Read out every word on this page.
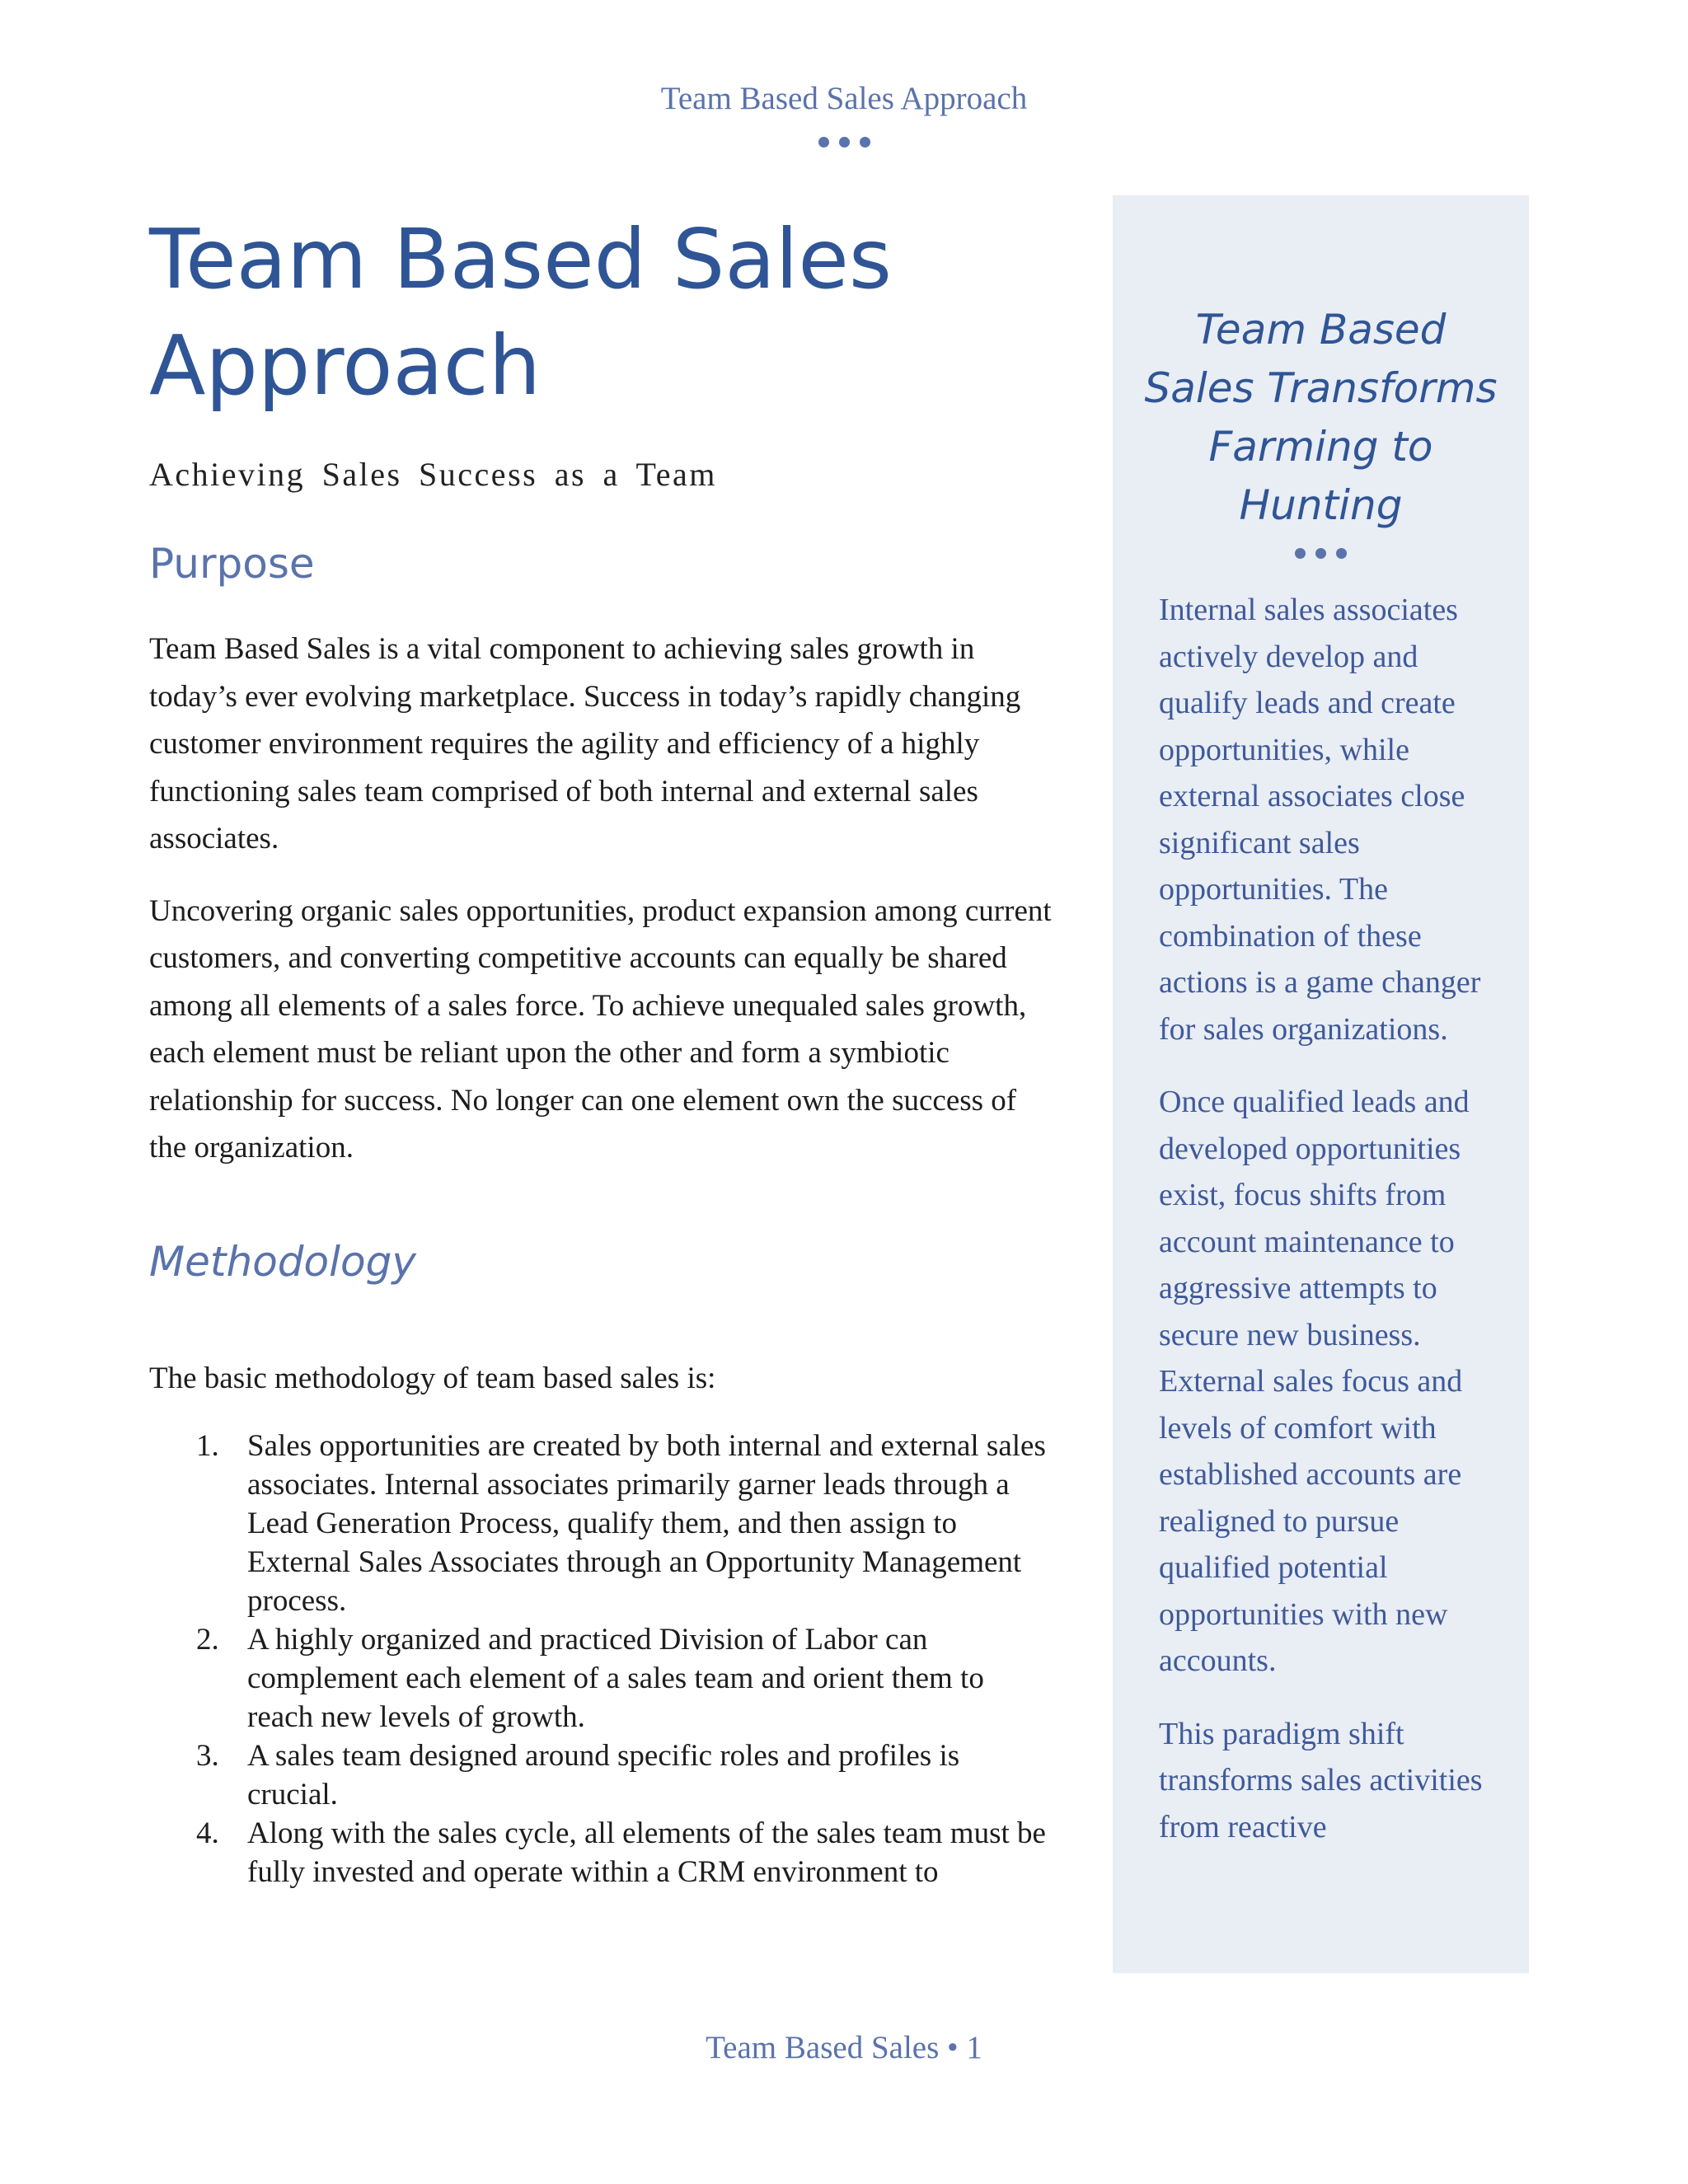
Team Based Sales Approach
Team Based Sales
Approach

Achieving Sales Success as a Team

Purpose

Team Based Sales is a vital component to achieving sales growth in today’s ever evolving marketplace. Success in today’s rapidly changing customer environment requires the agility and efficiency of a highly functioning sales team comprised of both internal and external sales associates.

Uncovering organic sales opportunities, product expansion among current customers, and converting competitive accounts can equally be shared among all elements of a sales force. To achieve unequaled sales growth, each element must be reliant upon the other and form a symbiotic relationship for success. No longer can one element own the success of the organization.

Methodology

The basic methodology of team based sales is:

1. Sales opportunities are created by both internal and external sales associates. Internal associates primarily garner leads through a Lead Generation Process, qualify them, and then assign to External Sales Associates through an Opportunity Management process.
2. A highly organized and practiced Division of Labor can complement each element of a sales team and orient them to reach new levels of growth.
3. A sales team designed around specific roles and profiles is crucial.
4. Along with the sales cycle, all elements of the sales team must be fully invested and operate within a CRM environment to
Team Based
Sales Transforms
Farming to
Hunting

Internal sales associates actively develop and qualify leads and create opportunities, while external associates close significant sales opportunities. The combination of these actions is a game changer for sales organizations.

Once qualified leads and developed opportunities exist, focus shifts from account maintenance to aggressive attempts to secure new business. External sales focus and levels of comfort with established accounts are realigned to pursue qualified potential opportunities with new accounts.

This paradigm shift transforms sales activities from reactive

Team Based Sales • 1
